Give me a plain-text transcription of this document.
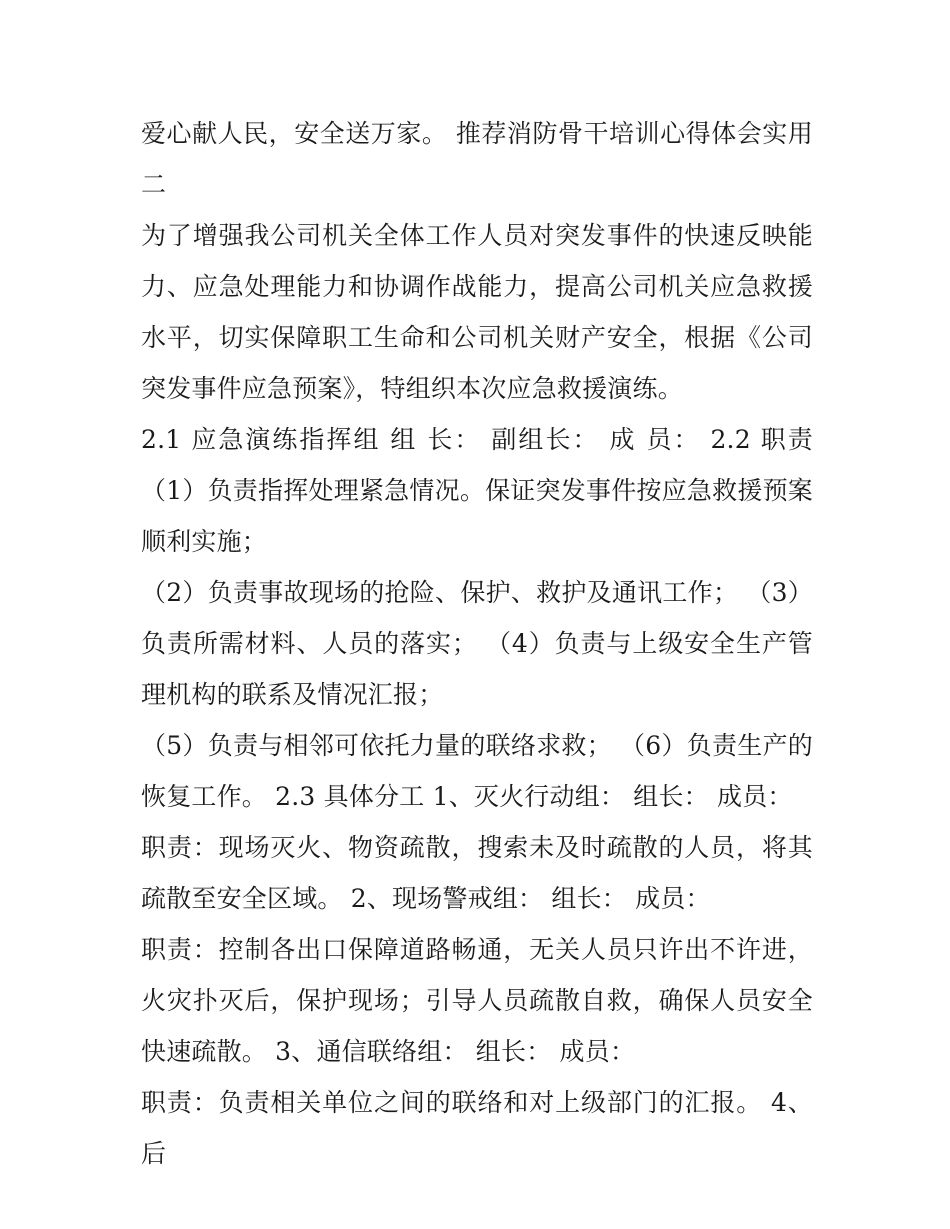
爱心献人民，安全送万家。 推荐消防骨干培训心得体会实用二

为了增强我公司机关全体工作人员对突发事件的快速反映能力、应急处理能力和协调作战能力，提高公司机关应急救援水平，切实保障职工生命和公司机关财产安全，根据《公司突发事件应急预案》，特组织本次应急救援演练。

2.1 应急演练指挥组 组 长： 副组长： 成 员： 2.2 职责 （1）负责指挥处理紧急情况。保证突发事件按应急救援预案顺利实施；

（2）负责事故现场的抢险、保护、救护及通讯工作； （3）负责所需材料、人员的落实； （4）负责与上级安全生产管理机构的联系及情况汇报；

（5）负责与相邻可依托力量的联络求救； （6）负责生产的恢复工作。 2.3 具体分工 1、灭火行动组： 组长： 成员：

职责：现场灭火、物资疏散，搜索未及时疏散的人员，将其疏散至安全区域。 2、现场警戒组： 组长： 成员：

职责：控制各出口保障道路畅通，无关人员只许出不许进，火灾扑灭后，保护现场；引导人员疏散自救，确保人员安全快速疏散。 3、通信联络组： 组长： 成员：

职责：负责相关单位之间的联络和对上级部门的汇报。 4、后
